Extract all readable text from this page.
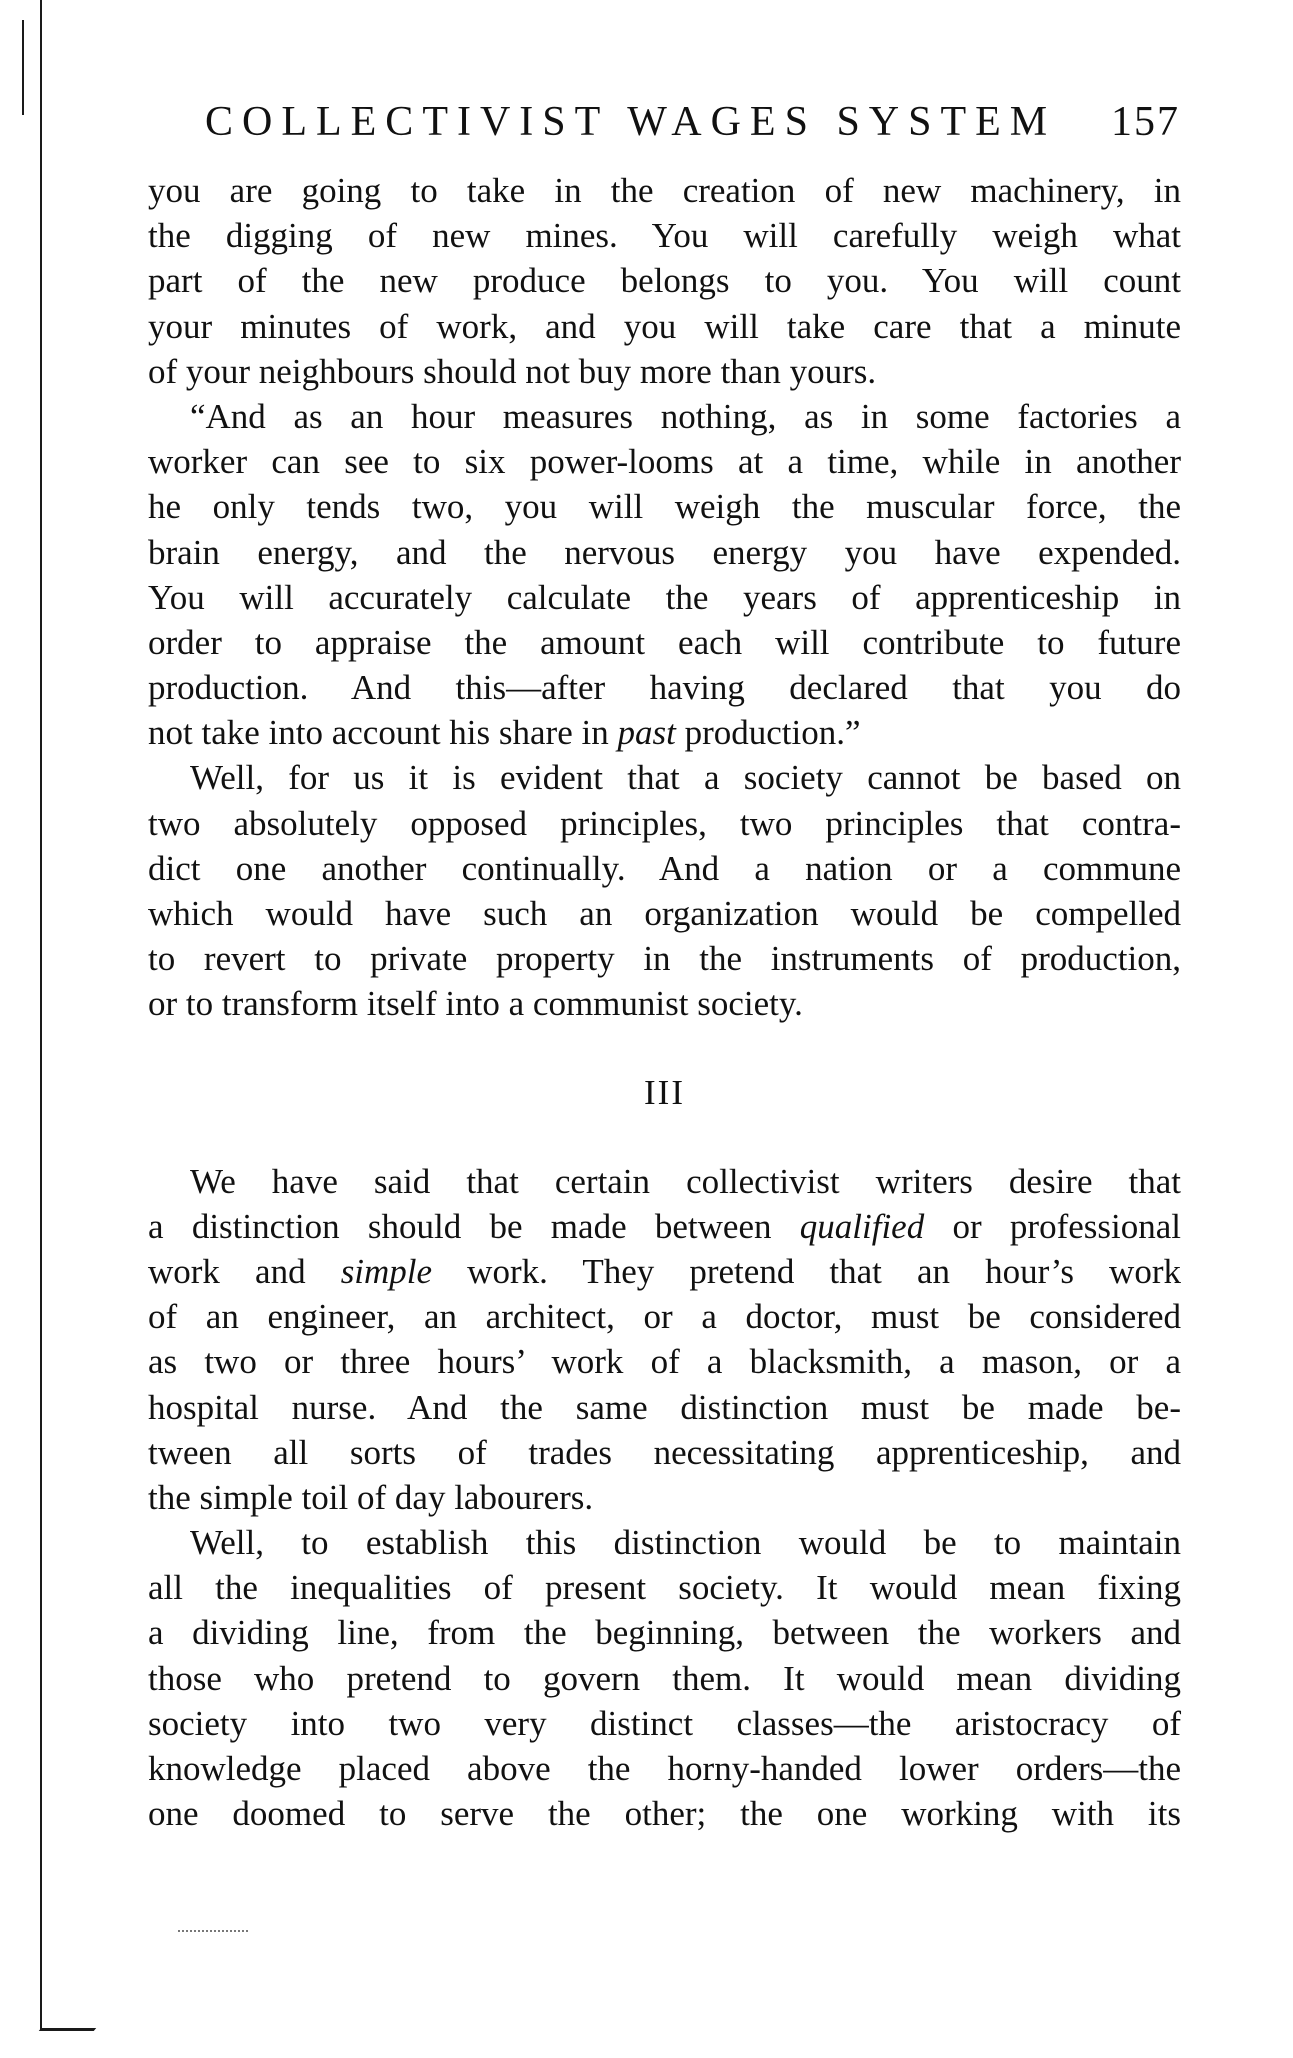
COLLECTIVIST WAGES SYSTEM 157
you are going to take in the creation of new machinery, in
the digging of new mines. You will carefully weigh what
part of the new produce belongs to you. You will count
your minutes of work, and you will take care that a minute
of your neighbours should not buy more than yours.
“And as an hour measures nothing, as in some factories a
worker can see to six power-looms at a time, while in another
he only tends two, you will weigh the muscular force, the
brain energy, and the nervous energy you have expended.
You will accurately calculate the years of apprenticeship in
order to appraise the amount each will contribute to future
production. And this—after having declared that you do
not take into account his share in past production.”
Well, for us it is evident that a society cannot be based on
two absolutely opposed principles, two principles that contra-
dict one another continually. And a nation or a commune
which would have such an organization would be compelled
to revert to private property in the instruments of production,
or to transform itself into a communist society.
III
We have said that certain collectivist writers desire that
a distinction should be made between qualified or professional
work and simple work. They pretend that an hour’s work
of an engineer, an architect, or a doctor, must be considered
as two or three hours’ work of a blacksmith, a mason, or a
hospital nurse. And the same distinction must be made be-
tween all sorts of trades necessitating apprenticeship, and
the simple toil of day labourers.
Well, to establish this distinction would be to maintain
all the inequalities of present society. It would mean fixing
a dividing line, from the beginning, between the workers and
those who pretend to govern them. It would mean dividing
society into two very distinct classes—the aristocracy of
knowledge placed above the horny-handed lower orders—the
one doomed to serve the other; the one working with its
